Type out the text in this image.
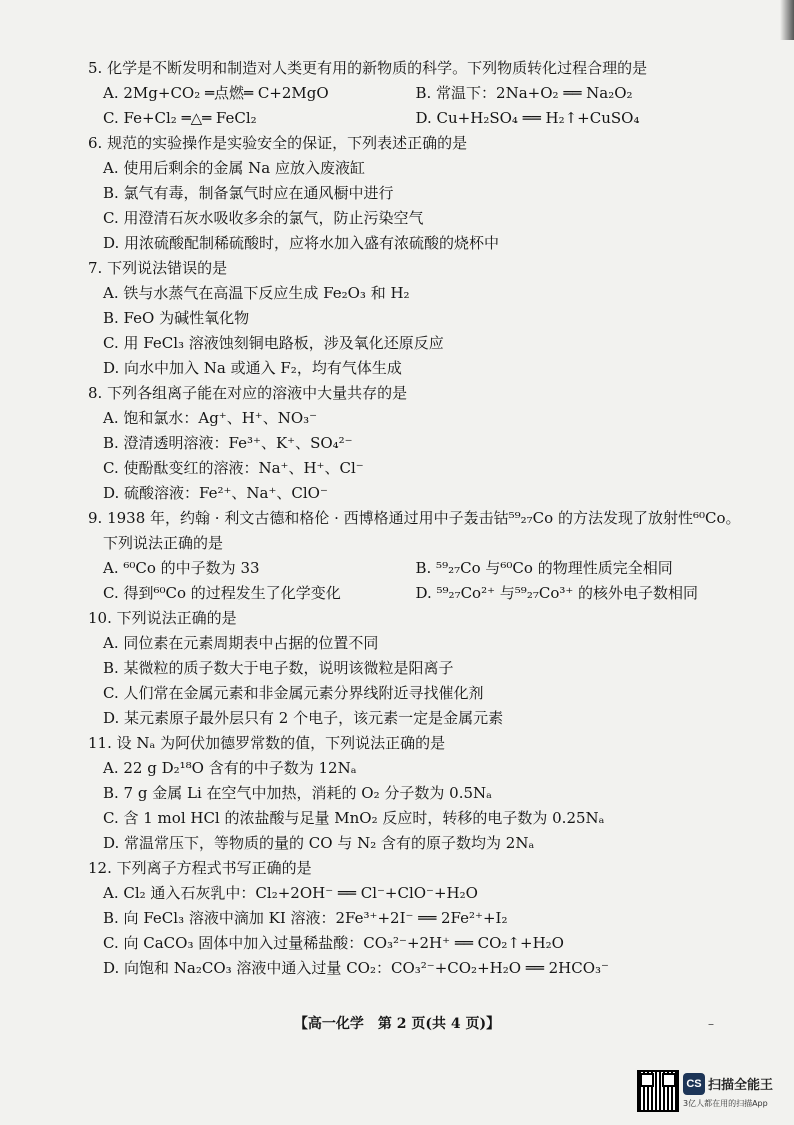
5. 化学是不断发明和制造对人类更有用的新物质的科学。下列物质转化过程合理的是

A. 2Mg+CO₂ ═点燃═ C+2MgO	B. 常温下：2Na+O₂ ══ Na₂O₂

C. Fe+Cl₂ ═△═ FeCl₂	D. Cu+H₂SO₄ ══ H₂↑+CuSO₄

6. 规范的实验操作是实验安全的保证，下列表述正确的是

A. 使用后剩余的金属 Na 应放入废液缸

B. 氯气有毒，制备氯气时应在通风橱中进行

C. 用澄清石灰水吸收多余的氯气，防止污染空气

D. 用浓硫酸配制稀硫酸时，应将水加入盛有浓硫酸的烧杯中

7. 下列说法错误的是

A. 铁与水蒸气在高温下反应生成 Fe₂O₃ 和 H₂

B. FeO 为碱性氧化物

C. 用 FeCl₃ 溶液蚀刻铜电路板，涉及氧化还原反应

D. 向水中加入 Na 或通入 F₂，均有气体生成

8. 下列各组离子能在对应的溶液中大量共存的是

A. 饱和氯水：Ag⁺、H⁺、NO₃⁻

B. 澄清透明溶液：Fe³⁺、K⁺、SO₄²⁻

C. 使酚酞变红的溶液：Na⁺、H⁺、Cl⁻

D. 硫酸溶液：Fe²⁺、Na⁺、ClO⁻

9. 1938 年，约翰 · 利文古德和格伦 · 西博格通过用中子轰击钴⁵⁹₂₇Co 的方法发现了放射性⁶⁰Co。

下列说法正确的是

A. ⁶⁰Co 的中子数为 33	B. ⁵⁹₂₇Co 与⁶⁰Co 的物理性质完全相同

C. 得到⁶⁰Co 的过程发生了化学变化	D. ⁵⁹₂₇Co²⁺ 与⁵⁹₂₇Co³⁺ 的核外电子数相同

10. 下列说法正确的是

A. 同位素在元素周期表中占据的位置不同

B. 某微粒的质子数大于电子数，说明该微粒是阳离子

C. 人们常在金属元素和非金属元素分界线附近寻找催化剂

D. 某元素原子最外层只有 2 个电子，该元素一定是金属元素

11. 设 Nₐ 为阿伏加德罗常数的值，下列说法正确的是

A. 22 g D₂¹⁸O 含有的中子数为 12Nₐ

B. 7 g 金属 Li 在空气中加热，消耗的 O₂ 分子数为 0.5Nₐ

C. 含 1 mol HCl 的浓盐酸与足量 MnO₂ 反应时，转移的电子数为 0.25Nₐ

D. 常温常压下，等物质的量的 CO 与 N₂ 含有的原子数均为 2Nₐ

12. 下列离子方程式书写正确的是

A. Cl₂ 通入石灰乳中：Cl₂+2OH⁻ ══ Cl⁻+ClO⁻+H₂O

B. 向 FeCl₃ 溶液中滴加 KI 溶液：2Fe³⁺+2I⁻ ══ 2Fe²⁺+I₂

C. 向 CaCO₃ 固体中加入过量稀盐酸：CO₃²⁻+2H⁺ ══ CO₂↑+H₂O

D. 向饱和 Na₂CO₃ 溶液中通入过量 CO₂：CO₃²⁻+CO₂+H₂O ══ 2HCO₃⁻

【高一化学　第 2 页(共 4 页)】	–
CS 扫描全能王
3亿人都在用的扫描App
